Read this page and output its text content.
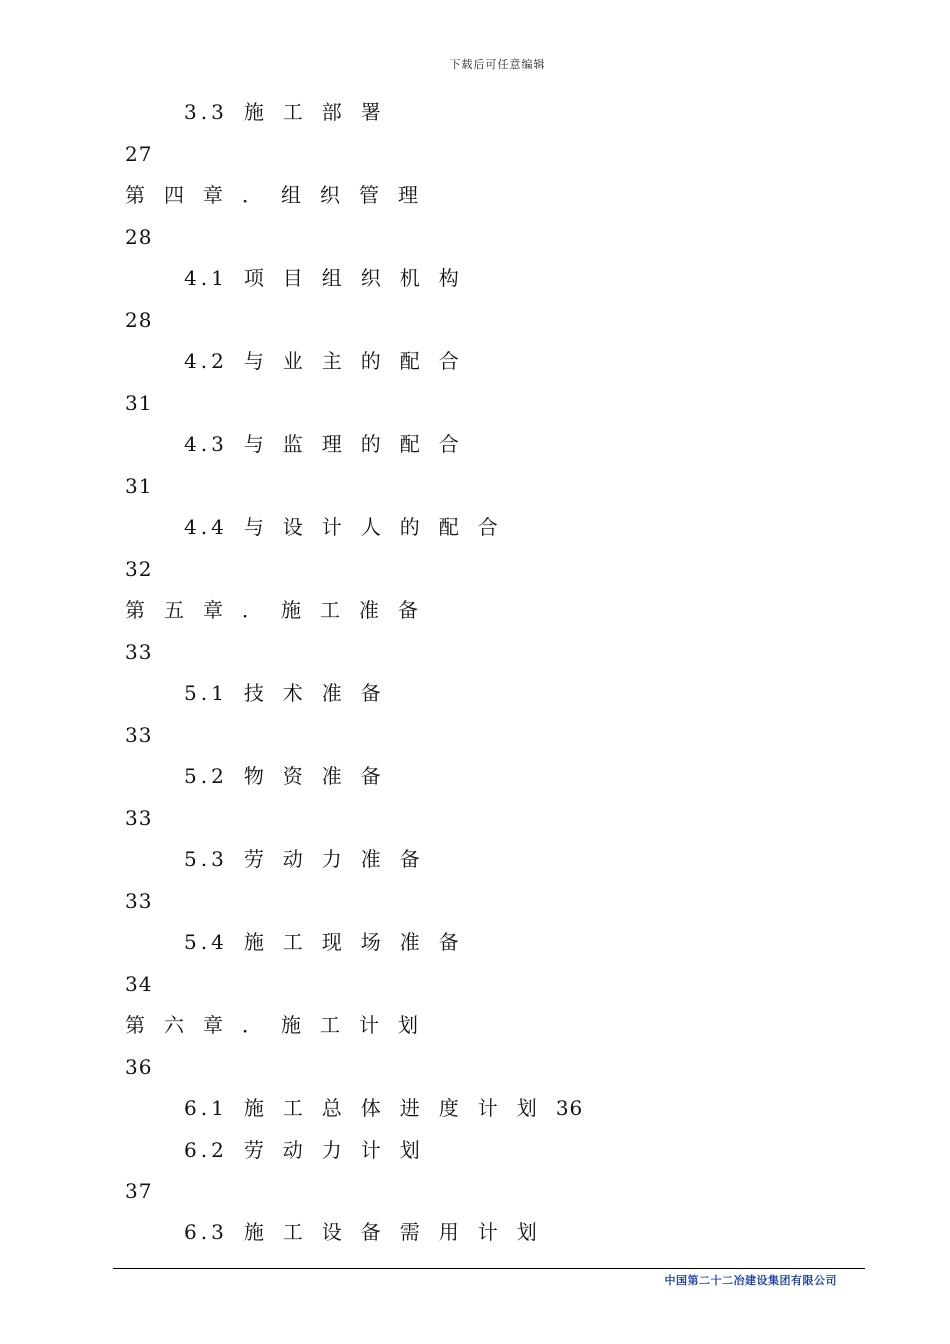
下载后可任意编辑
3.3 施工部署
27
第四章．组织管理
28
4.1 项目组织机构
28
4.2 与业主的配合
31
4.3 与监理的配合
31
4.4 与设计人的配合
32
第五章．施工准备
33
5.1 技术准备
33
5.2 物资准备
33
5.3 劳动力准备
33
5.4 施工现场准备
34
第六章．施工计划
36
6.1 施工总体进度计划36
6.2 劳动力计划
37
6.3 施工设备需用计划
中国第二十二冶建设集团有限公司
